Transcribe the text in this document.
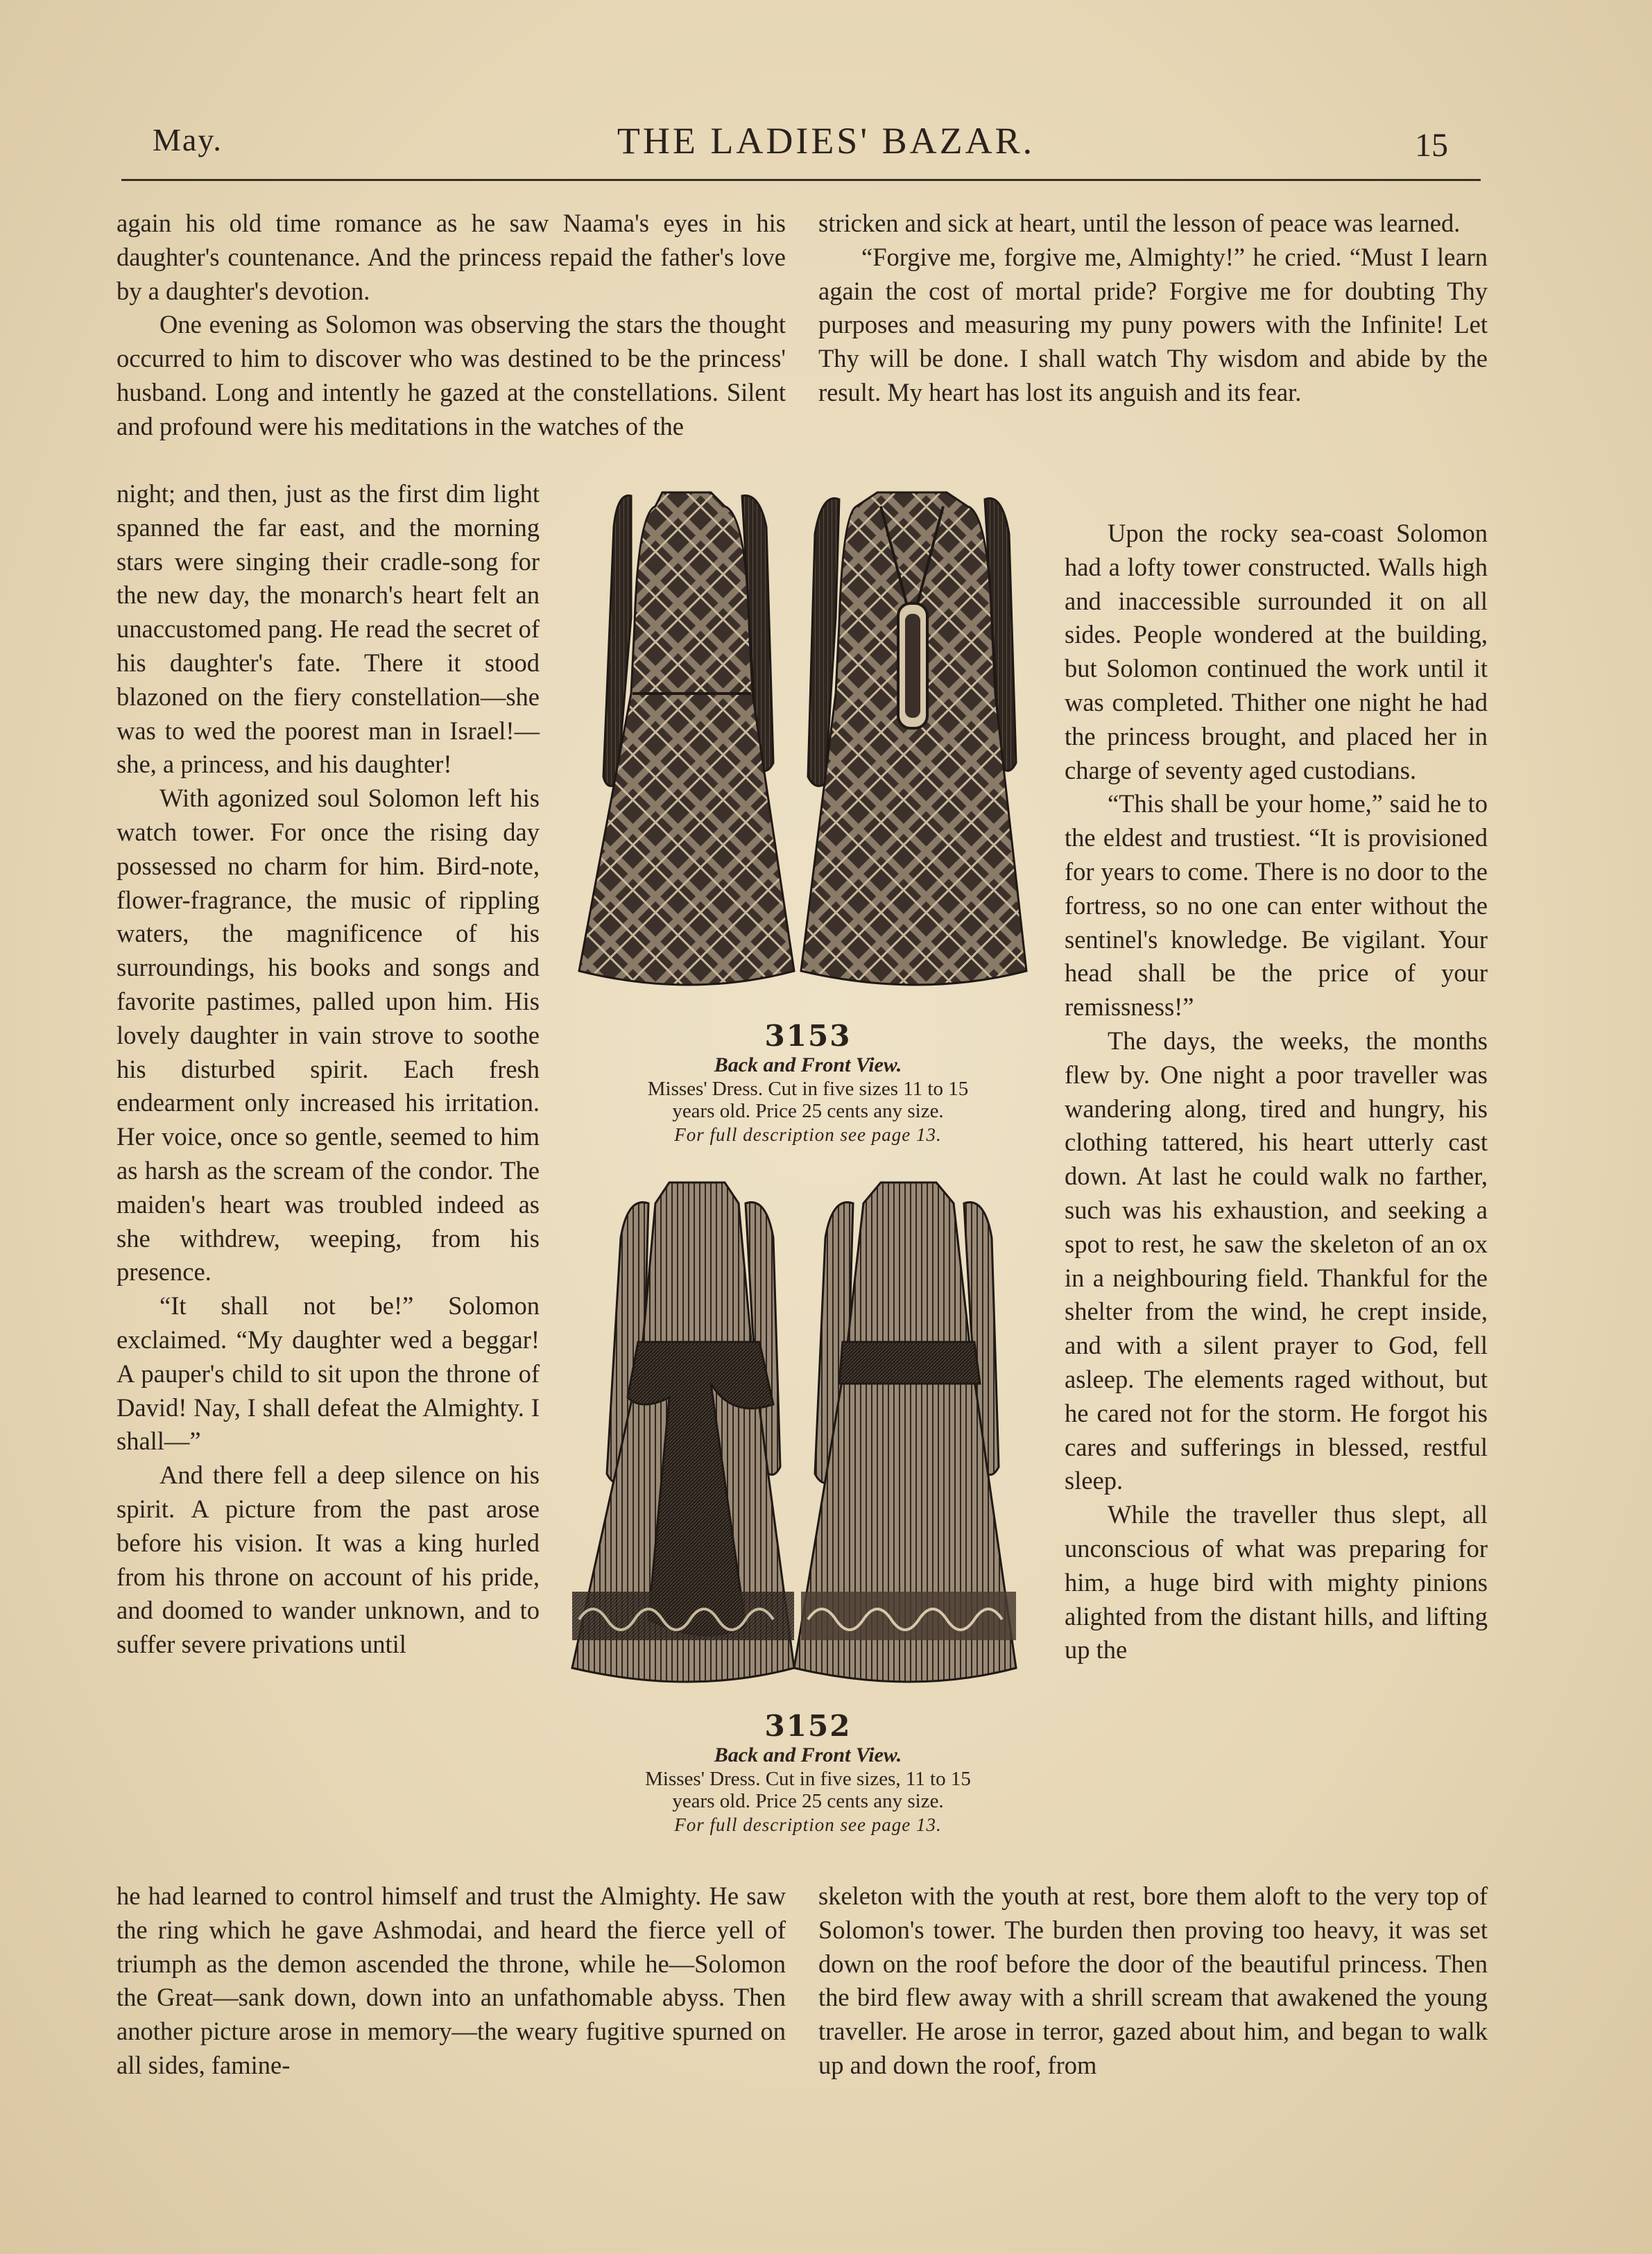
May.	THE LADIES' BAZAR.	15

again his old time romance as he saw Naama's eyes in his daughter's countenance. And the princess repaid the father's love by a daughter's devotion.

One evening as Solomon was observing the stars the thought occurred to him to discover who was destined to be the princess' husband. Long and intently he gazed at the constellations. Silent and profound were his meditations in the watches of the

night; and then, just as the first dim light spanned the far east, and the morning stars were singing their cradle-song for the new day, the monarch's heart felt an unaccustomed pang. He read the secret of his daughter's fate. There it stood blazoned on the fiery constellation—she was to wed the poorest man in Israel!—she, a princess, and his daughter!

With agonized soul Solomon left his watch tower. For once the rising day possessed no charm for him. Bird-note, flower-fragrance, the music of rippling waters, the magnificence of his surroundings, his books and songs and favorite pastimes, palled upon him. His lovely daughter in vain strove to soothe his disturbed spirit. Each fresh endearment only increased his irritation. Her voice, once so gentle, seemed to him as harsh as the scream of the condor. The maiden's heart was troubled indeed as she withdrew, weeping, from his presence.

“It shall not be!” Solomon exclaimed. “My daughter wed a beggar! A pauper's child to sit upon the throne of David! Nay, I shall defeat the Almighty. I shall—”

And there fell a deep silence on his spirit. A picture from the past arose before his vision. It was a king hurled from his throne on account of his pride, and doomed to wander unknown, and to suffer severe privations until

he had learned to control himself and trust the Almighty. He saw the ring which he gave Ashmodai, and heard the fierce yell of triumph as the demon ascended the throne, while he—Solomon the Great—sank down, down into an unfathomable abyss. Then another picture arose in memory—the weary fugitive spurned on all sides, famine-

stricken and sick at heart, until the lesson of peace was learned.

“Forgive me, forgive me, Almighty!” he cried. “Must I learn again the cost of mortal pride? Forgive me for doubting Thy purposes and measuring my puny powers with the Infinite! Let Thy will be done. I shall watch Thy wisdom and abide by the result. My heart has lost its anguish and its fear.

Upon the rocky sea-coast Solomon had a lofty tower constructed. Walls high and inaccessible surrounded it on all sides. People wondered at the building, but Solomon continued the work until it was completed. Thither one night he had the princess brought, and placed her in charge of seventy aged custodians.

“This shall be your home,” said he to the eldest and trustiest. “It is provisioned for years to come. There is no door to the fortress, so no one can enter without the sentinel's knowledge. Be vigilant. Your head shall be the price of your remissness!”

The days, the weeks, the months flew by. One night a poor traveller was wandering along, tired and hungry, his clothing tattered, his heart utterly cast down. At last he could walk no farther, such was his exhaustion, and seeking a spot to rest, he saw the skeleton of an ox in a neighbouring field. Thankful for the shelter from the wind, he crept inside, and with a silent prayer to God, fell asleep. The elements raged without, but he cared not for the storm. He forgot his cares and sufferings in blessed, restful sleep.

While the traveller thus slept, all unconscious of what was preparing for him, a huge bird with mighty pinions alighted from the distant hills, and lifting up the

skeleton with the youth at rest, bore them aloft to the very top of Solomon's tower. The burden then proving too heavy, it was set down on the roof before the door of the beautiful princess. Then the bird flew away with a shrill scream that awakened the young traveller. He arose in terror, gazed about him, and began to walk up and down the roof, from

3153
Back and Front View.
Misses' Dress. Cut in five sizes 11 to 15
years old. Price 25 cents any size.
For full description see page 13.
3152
Back and Front View.
Misses' Dress. Cut in five sizes, 11 to 15
years old. Price 25 cents any size.
For full description see page 13.
